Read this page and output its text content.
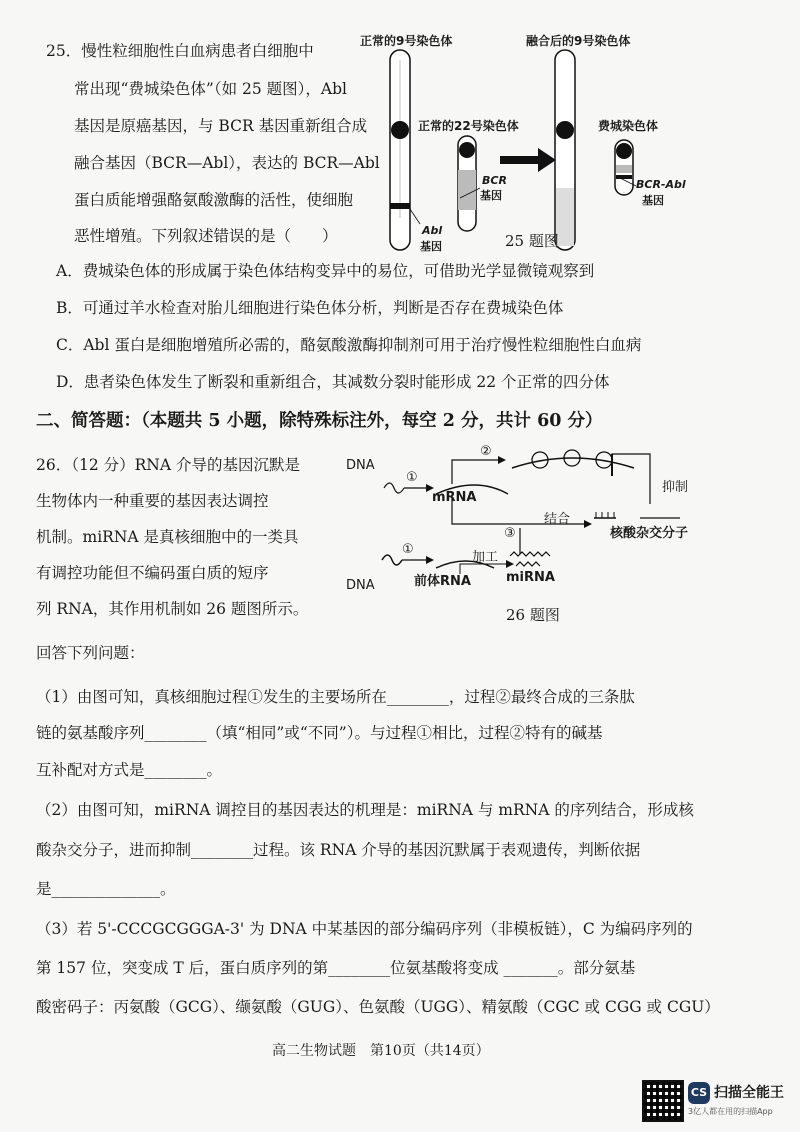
25．慢性粒细胞性白血病患者白细胞中
常出现“费城染色体”（如 25 题图），Abl
基因是原癌基因，与 BCR 基因重新组合成
融合基因（BCR—Abl），表达的 BCR—Abl
蛋白质能增强酪氨酸激酶的活性，使细胞
恶性增殖。下列叙述错误的是（　　）
正常的9号染色体	融合后的9号染色体
正常的22号染色体	费城染色体
BCR
基因
Abl
基因
BCR-Abl
基因
25 题图
A．费城染色体的形成属于染色体结构变异中的易位，可借助光学显微镜观察到
B．可通过羊水检查对胎儿细胞进行染色体分析，判断是否存在费城染色体
C．Abl 蛋白是细胞增殖所必需的，酪氨酸激酶抑制剂可用于治疗慢性粒细胞性白血病
D．患者染色体发生了断裂和重新组合，其减数分裂时能形成 22 个正常的四分体
二、简答题：（本题共 5 小题，除特殊标注外，每空 2 分，共计 60 分）
26．（12 分）RNA 介导的基因沉默是
生物体内一种重要的基因表达调控
机制。miRNA 是真核细胞中的一类具
有调控功能但不编码蛋白质的短序
列 RNA，其作用机制如 26 题图所示。
回答下列问题：
DNA
①
②
mRNA
抑制
结合
③	核酸杂交分子
①
加工
DNA	前体RNA	miRNA
26 题图
（1）由图可知，真核细胞过程①发生的主要场所在________，过程②最终合成的三条肽
链的氨基酸序列________（填“相同”或“不同”）。与过程①相比，过程②特有的碱基
互补配对方式是________。
（2）由图可知，miRNA 调控目的基因表达的机理是：miRNA 与 mRNA 的序列结合，形成核
酸杂交分子，进而抑制________过程。该 RNA 介导的基因沉默属于表观遗传，判断依据
是______________。
（3）若 5'-CCCGCGGGA-3' 为 DNA 中某基因的部分编码序列（非模板链），C 为编码序列的
第 157 位，突变成 T 后，蛋白质序列的第________位氨基酸将变成 _______。部分氨基
酸密码子：丙氨酸（GCG）、缬氨酸（GUG）、色氨酸（UGG）、精氨酸（CGC 或 CGG 或 CGU）
高二生物试题　第10页（共14页）
CS 扫描全能王
3亿人都在用的扫描App
